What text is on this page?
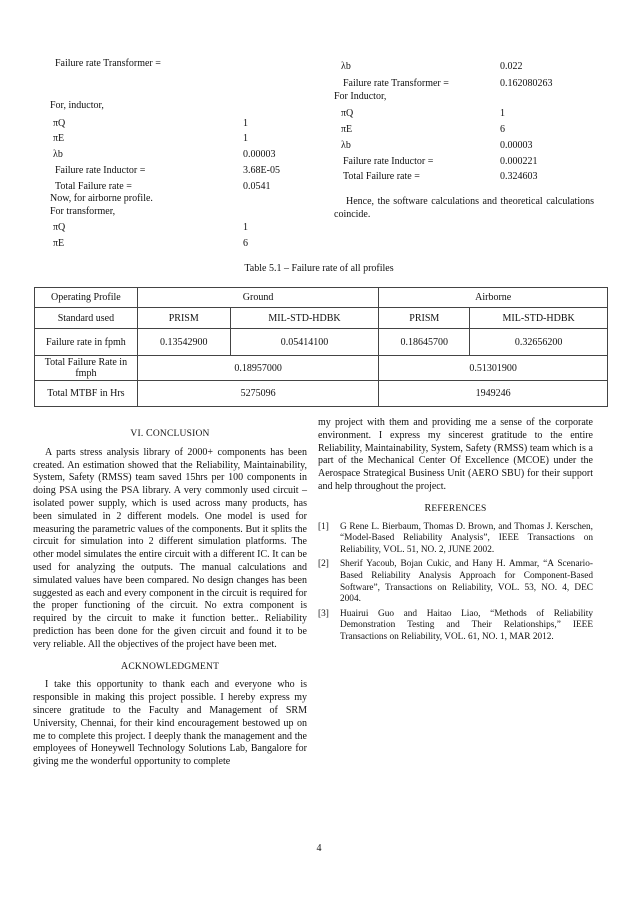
Failure rate Transformer =
For, inductor,
πQ	1
πE	1
λb	0.00003
Failure rate Inductor =	3.68E-05
Total Failure rate =	0.0541
Now, for airborne profile.
For transformer,
πQ	1
πE	6
λb	0.022
Failure rate Transformer =	0.162080263
For Inductor,
πQ	1
πE	6
λb	0.00003
Failure rate Inductor =	0.000221
Total Failure rate =	0.324603

Hence, the software calculations and theoretical calculations coincide.

Table 5.1 – Failure rate of all profiles
Operating Profile	Ground		Airborne	
Standard used	PRISM	MIL-STD-HDBK	PRISM	MIL-STD-HDBK
Failure rate in fpmh	0.13542900	0.05414100	0.18645700	0.32656200
Total Failure Rate in fmph	0.18957000		0.51301900	
Total MTBF in Hrs	5275096		1949246	
VI. CONCLUSION

A parts stress analysis library of 2000+ components has been created. An estimation showed that the Reliability, Maintainability, System, Safety (RMSS) team saved 15hrs per 100 components in doing PSA using the PSA library. A very commonly used circuit – isolated power supply, which is used across many products, has been simulated in 2 different models. One model is used for measuring the parametric values of the components. But it splits the circuit for simulation into 2 different simulation platforms. The other model simulates the entire circuit with a different IC. It can be used for analyzing the outputs. The manual calculations and simulated values have been compared. No design changes has been suggested as each and every component in the circuit is required for the proper functioning of the circuit. No extra component is required by the circuit to make it function better.. Reliability prediction has been done for the given circuit and found it to be very reliable. All the objectives of the project have been met.

ACKNOWLEDGMENT

I take this opportunity to thank each and everyone who is responsible in making this project possible. I hereby express my sincere gratitude to the Faculty and Management of SRM University, Chennai, for their kind encouragement bestowed up on me to complete this project. I deeply thank the management and the employees of Honeywell Technology Solutions Lab, Bangalore for giving me the wonderful opportunity to complete

my project with them and providing me a sense of the corporate environment. I express my sincerest gratitude to the entire Reliability, Maintainability, System, Safety (RMSS) team which is a part of the Mechanical Center Of Excellence (MCOE) under the Aerospace Strategical Business Unit (AERO SBU) for their support and help throughout the project.

REFERENCES
[1] G Rene L. Bierbaum, Thomas D. Brown, and Thomas J. Kerschen, “Model-Based Reliability Analysis”, IEEE Transactions on Reliability, VOL. 51, NO. 2, JUNE 2002.
[2] Sherif Yacoub, Bojan Cukic, and Hany H. Ammar, “A Scenario-Based Reliability Analysis Approach for Component-Based Software”, Transactions on Reliability, VOL. 53, NO. 4, DEC 2004.
[3] Huairui Guo and Haitao Liao, “Methods of Reliability Demonstration Testing and Their Relationships,” IEEE Transactions on Reliability, VOL. 61, NO. 1, MAR 2012.
4
